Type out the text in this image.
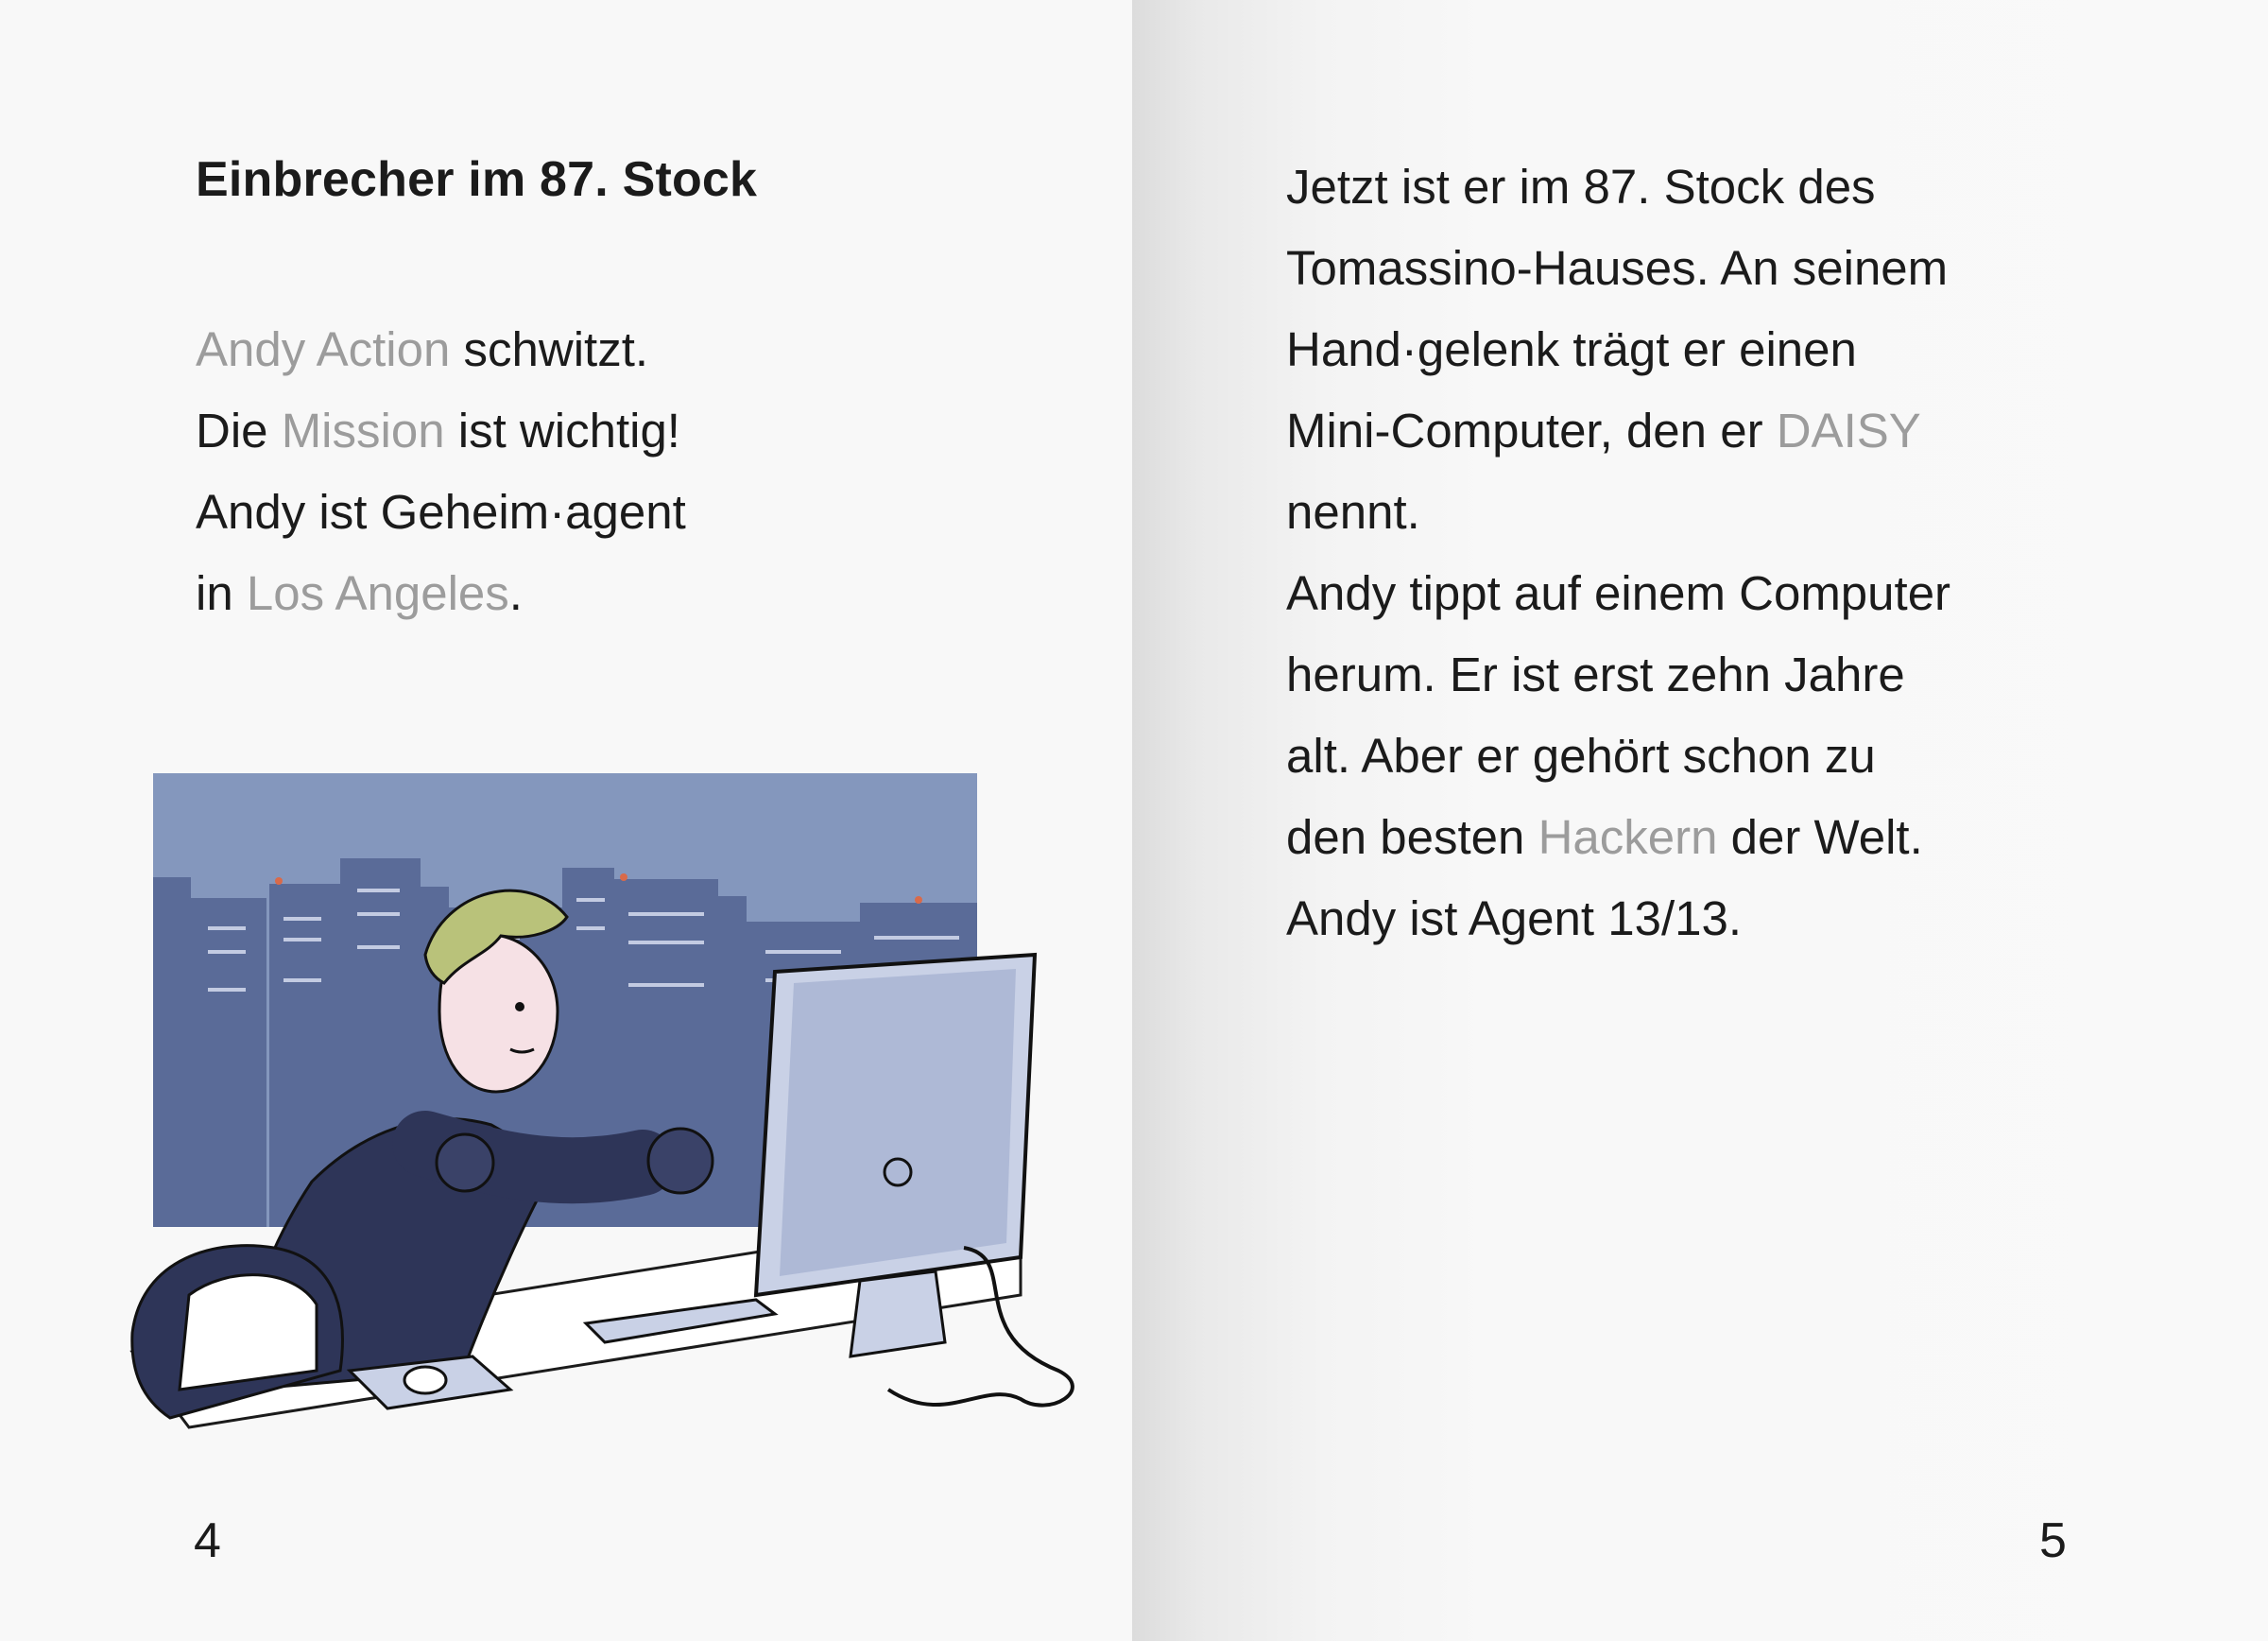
Einbrecher im 87. Stock
Andy Action schwitzt.
Die Mission ist wichtig!
Andy ist Geheim·agent
in Los Angeles.
4
Jetzt ist er im 87. Stock des
Tomassino-Hauses. An seinem
Hand·gelenk trägt er einen
Mini-Computer, den er DAISY
nennt.
Andy tippt auf einem Computer
herum. Er ist erst zehn Jahre
alt. Aber er gehört schon zu
den besten Hackern der Welt.
Andy ist Agent 13/13.
5
